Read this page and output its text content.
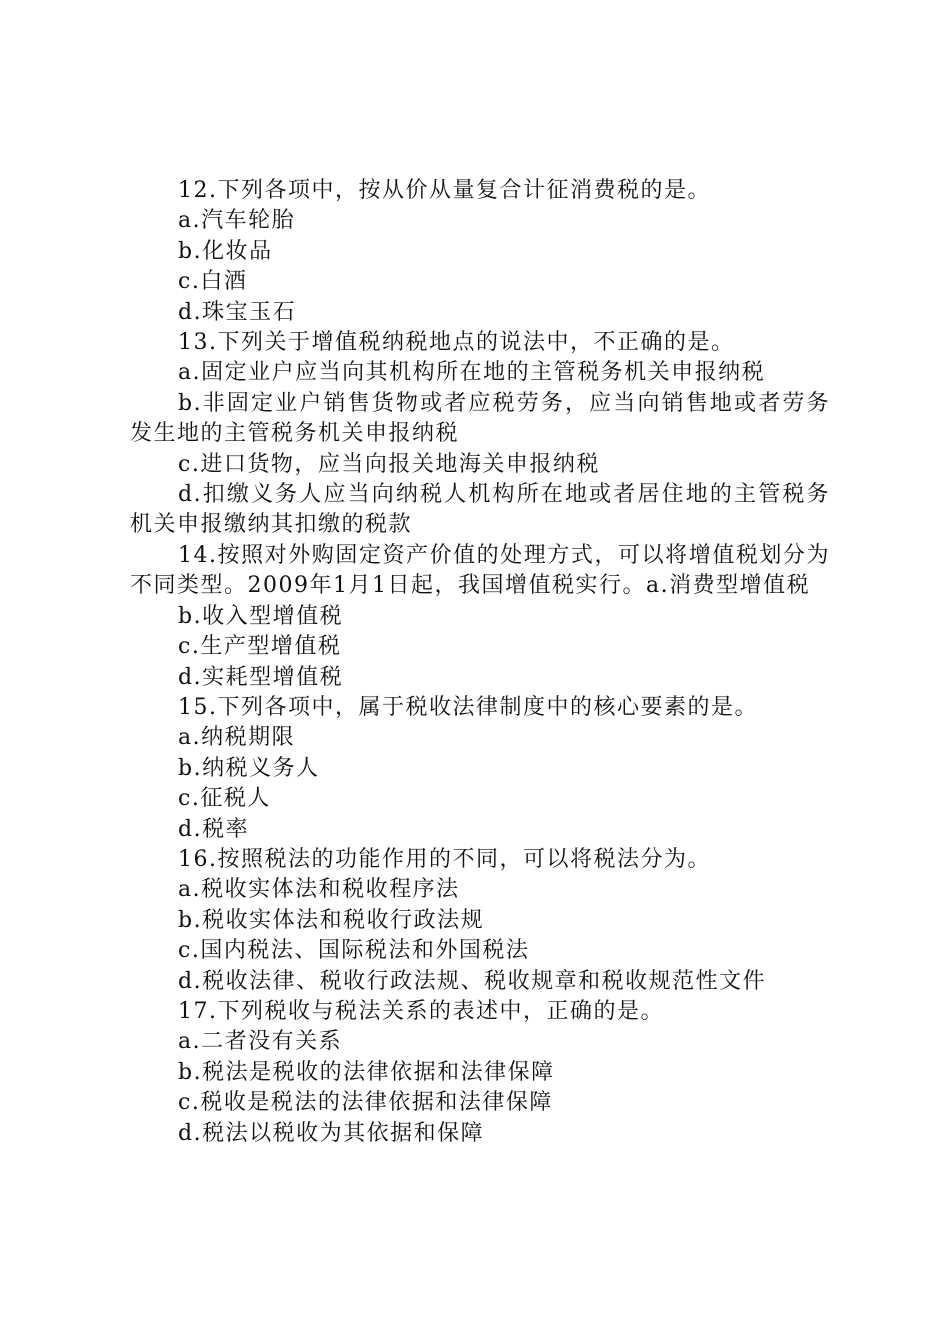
12.下列各项中，按从价从量复合计征消费税的是。
a.汽车轮胎
b.化妆品
c.白酒
d.珠宝玉石
13.下列关于增值税纳税地点的说法中，不正确的是。
a.固定业户应当向其机构所在地的主管税务机关申报纳税
b.非固定业户销售货物或者应税劳务，应当向销售地或者劳务发生地的主管税务机关申报纳税
c.进口货物，应当向报关地海关申报纳税
d.扣缴义务人应当向纳税人机构所在地或者居住地的主管税务机关申报缴纳其扣缴的税款
14.按照对外购固定资产价值的处理方式，可以将增值税划分为不同类型。2009年1月1日起，我国增值税实行。a.消费型增值税
b.收入型增值税
c.生产型增值税
d.实耗型增值税
15.下列各项中，属于税收法律制度中的核心要素的是。
a.纳税期限
b.纳税义务人
c.征税人
d.税率
16.按照税法的功能作用的不同，可以将税法分为。
a.税收实体法和税收程序法
b.税收实体法和税收行政法规
c.国内税法、国际税法和外国税法
d.税收法律、税收行政法规、税收规章和税收规范性文件
17.下列税收与税法关系的表述中，正确的是。
a.二者没有关系
b.税法是税收的法律依据和法律保障
c.税收是税法的法律依据和法律保障
d.税法以税收为其依据和保障
